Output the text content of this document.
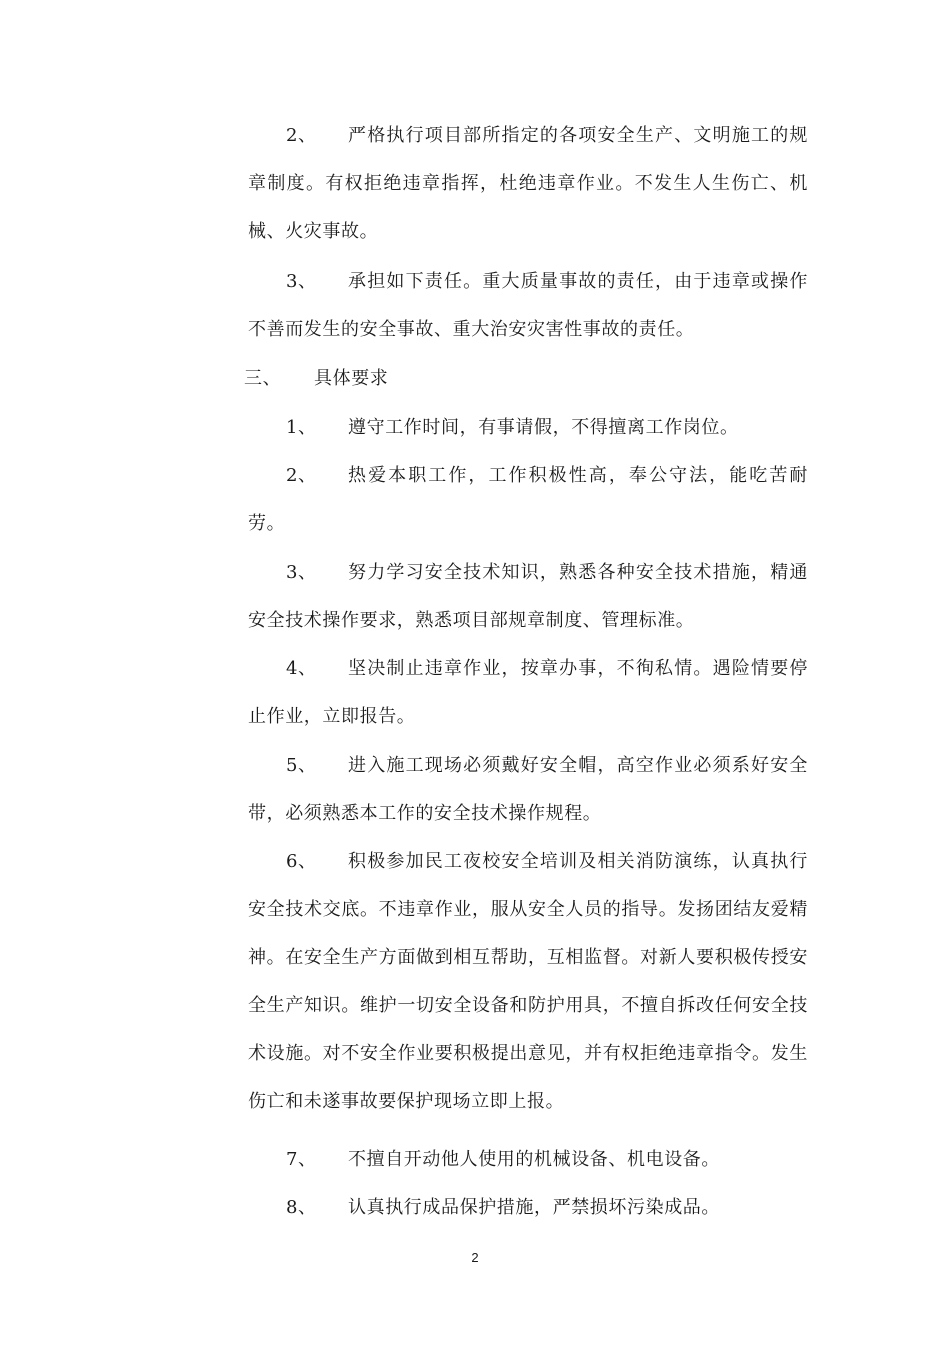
2、	严格执行项目部所指定的各项安全生产、文明施工的规章制度。有权拒绝违章指挥，杜绝违章作业。不发生人生伤亡、机械、火灾事故。
3、	承担如下责任。重大质量事故的责任，由于违章或操作不善而发生的安全事故、重大治安灾害性事故的责任。
三、	具体要求
1、	遵守工作时间，有事请假，不得擅离工作岗位。
2、	热爱本职工作，工作积极性高，奉公守法，能吃苦耐劳。
3、	努力学习安全技术知识，熟悉各种安全技术措施，精通安全技术操作要求，熟悉项目部规章制度、管理标准。
4、	坚决制止违章作业，按章办事，不徇私情。遇险情要停止作业，立即报告。
5、	进入施工现场必须戴好安全帽，高空作业必须系好安全带，必须熟悉本工作的安全技术操作规程。
6、	积极参加民工夜校安全培训及相关消防演练，认真执行安全技术交底。不违章作业，服从安全人员的指导。发扬团结友爱精神。在安全生产方面做到相互帮助，互相监督。对新人要积极传授安全生产知识。维护一切安全设备和防护用具，不擅自拆改任何安全技术设施。对不安全作业要积极提出意见，并有权拒绝违章指令。发生伤亡和未遂事故要保护现场立即上报。
7、	不擅自开动他人使用的机械设备、机电设备。
8、	认真执行成品保护措施，严禁损坏污染成品。
2
